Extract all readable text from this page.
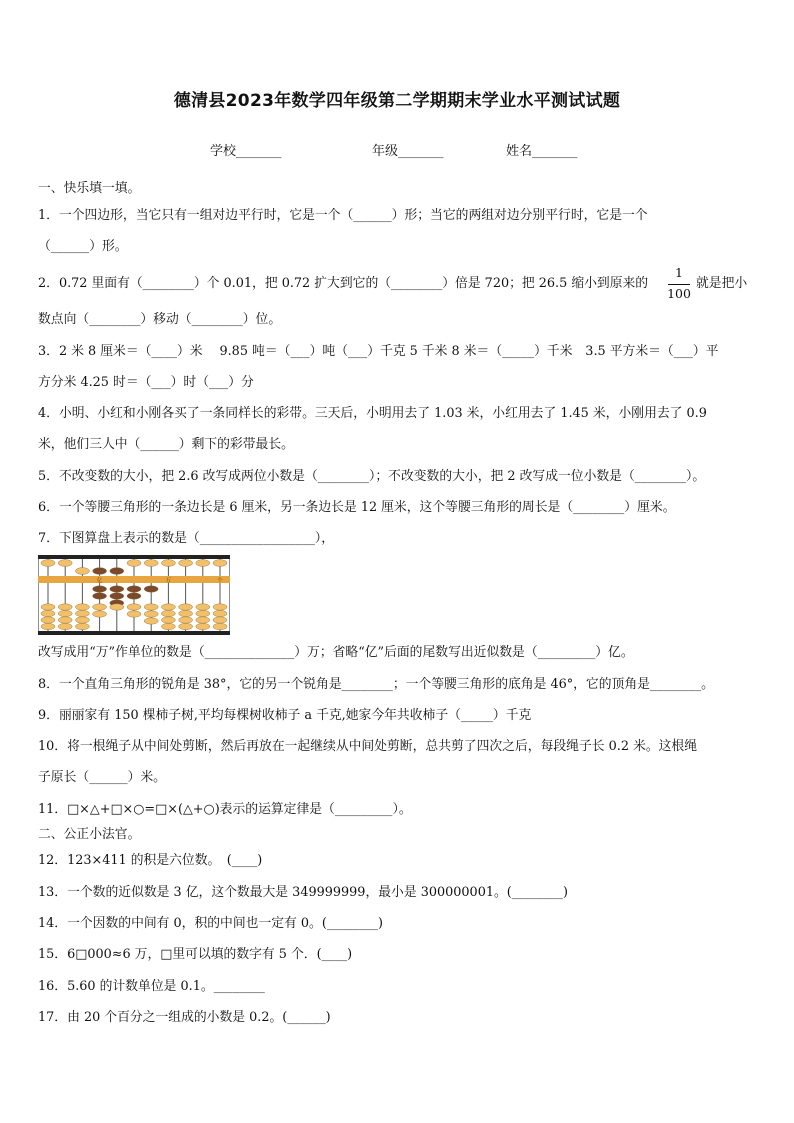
德清县2023年数学四年级第二学期期末学业水平测试试题
学校_______	年级_______	姓名_______
一、快乐填一填。
1．一个四边形，当它只有一组对边平行时，它是一个（______）形；当它的两组对边分别平行时，它是一个
（______）形。
2．0.72 里面有（________）个 0.01，把 0.72 扩大到它的（________）倍是 720；把 26.5 缩小到原来的
1
100
就是把小
数点向（________）移动（________）位。
3．2 米 8 厘米＝（____）米　 9.85 吨＝（___）吨（___）千克 5 千米 8 米＝（_____）千米　3.5 平方米＝（___）平
方分米 4.25 时＝（___）时（___）分
4．小明、小红和小刚各买了一条同样长的彩带。三天后，小明用去了 1.03 米，小红用去了 1.45 米，小刚用去了 0.9
米，他们三人中（______）剩下的彩带最长。
5．不改变数的大小，把 2.6 改写成两位小数是（________）；不改变数的大小，把 2 改写成一位小数是（________）。
6．一个等腰三角形的一条边长是 6 厘米，另一条边长是 12 厘米，这个等腰三角形的周长是（________）厘米。
7．下图算盘上表示的数是（__________________），
亿	万	个
改写成用“万”作单位的数是（______________）万；省略“亿”后面的尾数写出近似数是（_________）亿。
8．一个直角三角形的锐角是 38°，它的另一个锐角是________；一个等腰三角形的底角是 46°，它的顶角是________。
9．丽丽家有 150 棵柿子树,平均每棵树收柿子 a 千克,她家今年共收柿子（_____）千克
10．将一根绳子从中间处剪断，然后再放在一起继续从中间处剪断，总共剪了四次之后，每段绳子长 0.2 米。这根绳
子原长（______）米。
11．□×△+□×○=□×(△+○)表示的运算定律是（_________）。
二、公正小法官。
12．123×411 的积是六位数。　(____)
13．一个数的近似数是 3 亿，这个数最大是 349999999，最小是 300000001。(________)
14．一个因数的中间有 0，积的中间也一定有 0。(________)
15．6□000≈6 万，□里可以填的数字有 5 个．(____)
16．5.60 的计数单位是 0.1。________
17．由 20 个百分之一组成的小数是 0.2。(______)
